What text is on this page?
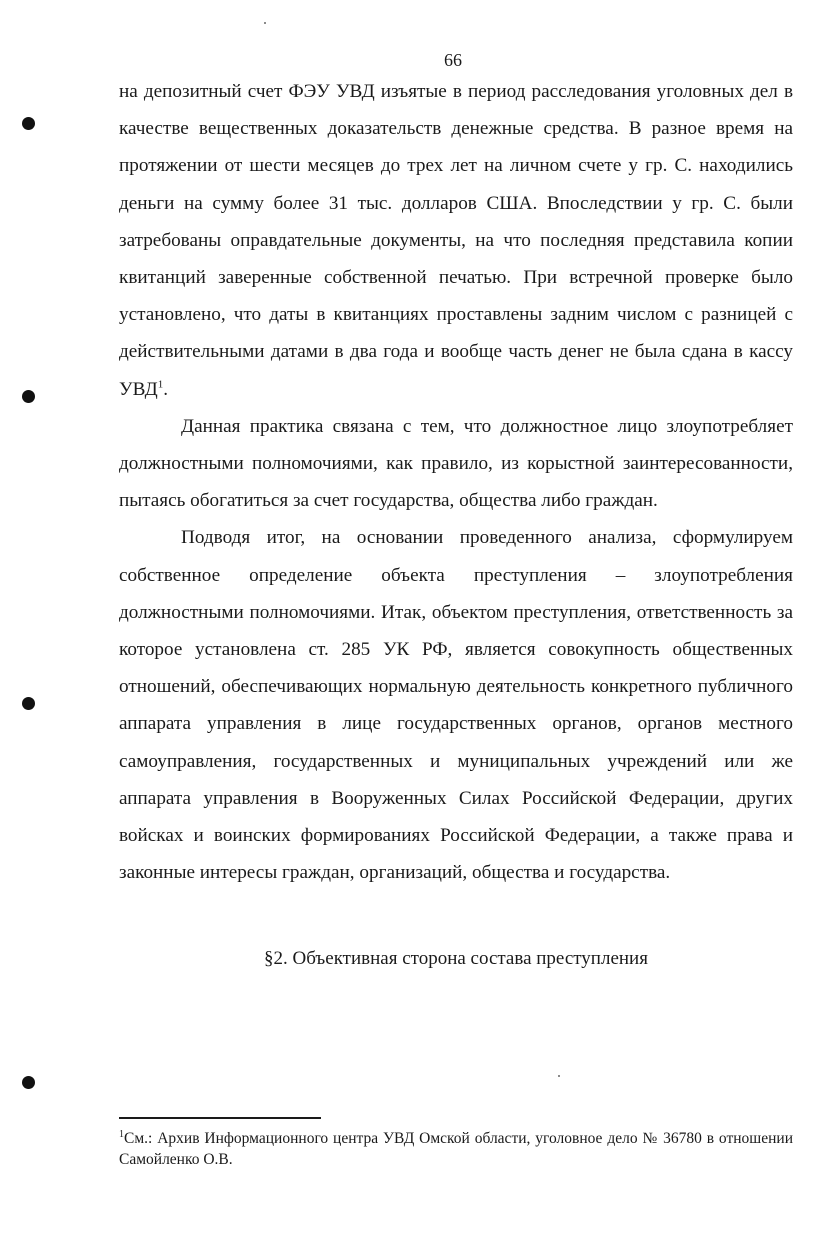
66

на депозитный счет ФЭУ УВД изъятые в период расследования уголовных дел в качестве вещественных доказательств денежные средства. В разное время на протяжении от шести месяцев до трех лет на личном счете у гр. С. находились деньги на сумму более 31 тыс. долларов США. Впоследствии у гр. С. были затребованы оправдательные документы, на что последняя представила копии квитанций заверенные собственной печатью. При встречной проверке было установлено, что даты в квитанциях проставлены задним числом с разницей с действительными датами в два года и вообще часть денег не была сдана в кассу УВД$^1$.

Данная практика связана с тем, что должностное лицо злоупотребляет должностными полномочиями, как правило, из корыстной заинтересованности, пытаясь обогатиться за счет государства, общества либо граждан.

Подводя итог, на основании проведенного анализа, сформулируем собственное определение объекта преступления – злоупотребления должностными полномочиями. Итак, объектом преступления, ответственность за которое установлена ст. 285 УК РФ, является совокупность общественных отношений, обеспечивающих нормальную деятельность конкретного публичного аппарата управления в лице государственных органов, органов местного самоуправления, государственных и муниципальных учреждений или же аппарата управления в Вооруженных Силах Российской Федерации, других войсках и воинских формированиях Российской Федерации, а также права и законные интересы граждан, организаций, общества и государства.

§2. Объективная сторона состава преступления
$^1$См.: Архив Информационного центра УВД Омской области, уголовное дело № 36780 в отношении Самойленко О.В.
